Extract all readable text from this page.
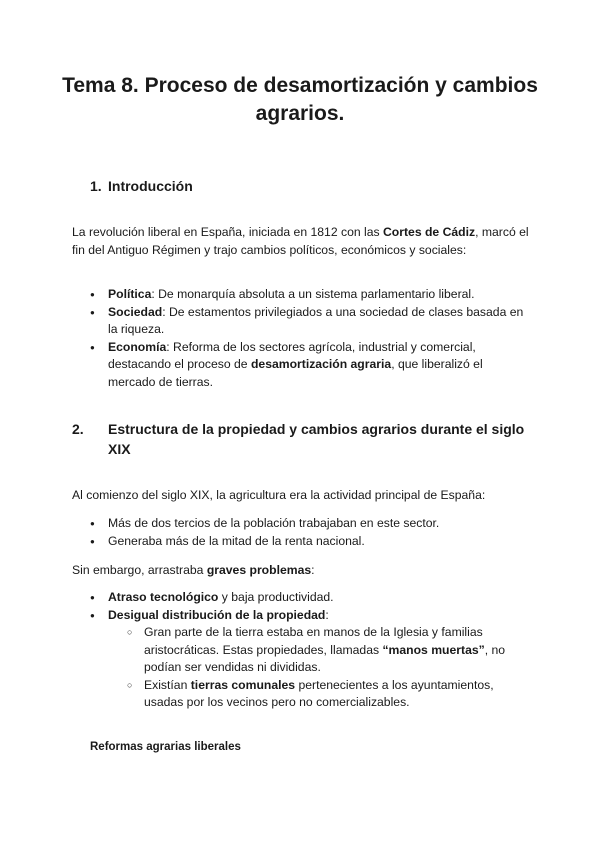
Tema 8. Proceso de desamortización y cambios agrarios.
1. Introducción

La revolución liberal en España, iniciada en 1812 con las Cortes de Cádiz, marcó el fin del Antiguo Régimen y trajo cambios políticos, económicos y sociales:

● Política: De monarquía absoluta a un sistema parlamentario liberal.
● Sociedad: De estamentos privilegiados a una sociedad de clases basada en la riqueza.
● Economía: Reforma de los sectores agrícola, industrial y comercial, destacando el proceso de desamortización agraria, que liberalizó el mercado de tierras.
2. Estructura de la propiedad y cambios agrarios durante el siglo XIX

Al comienzo del siglo XIX, la agricultura era la actividad principal de España:

● Más de dos tercios de la población trabajaban en este sector.
● Generaba más de la mitad de la renta nacional.

Sin embargo, arrastraba graves problemas:

● Atraso tecnológico y baja productividad.
● Desigual distribución de la propiedad:
○ Gran parte de la tierra estaba en manos de la Iglesia y familias aristocráticas. Estas propiedades, llamadas “manos muertas”, no podían ser vendidas ni divididas.
○ Existían tierras comunales pertenecientes a los ayuntamientos, usadas por los vecinos pero no comercializables.
Reformas agrarias liberales
